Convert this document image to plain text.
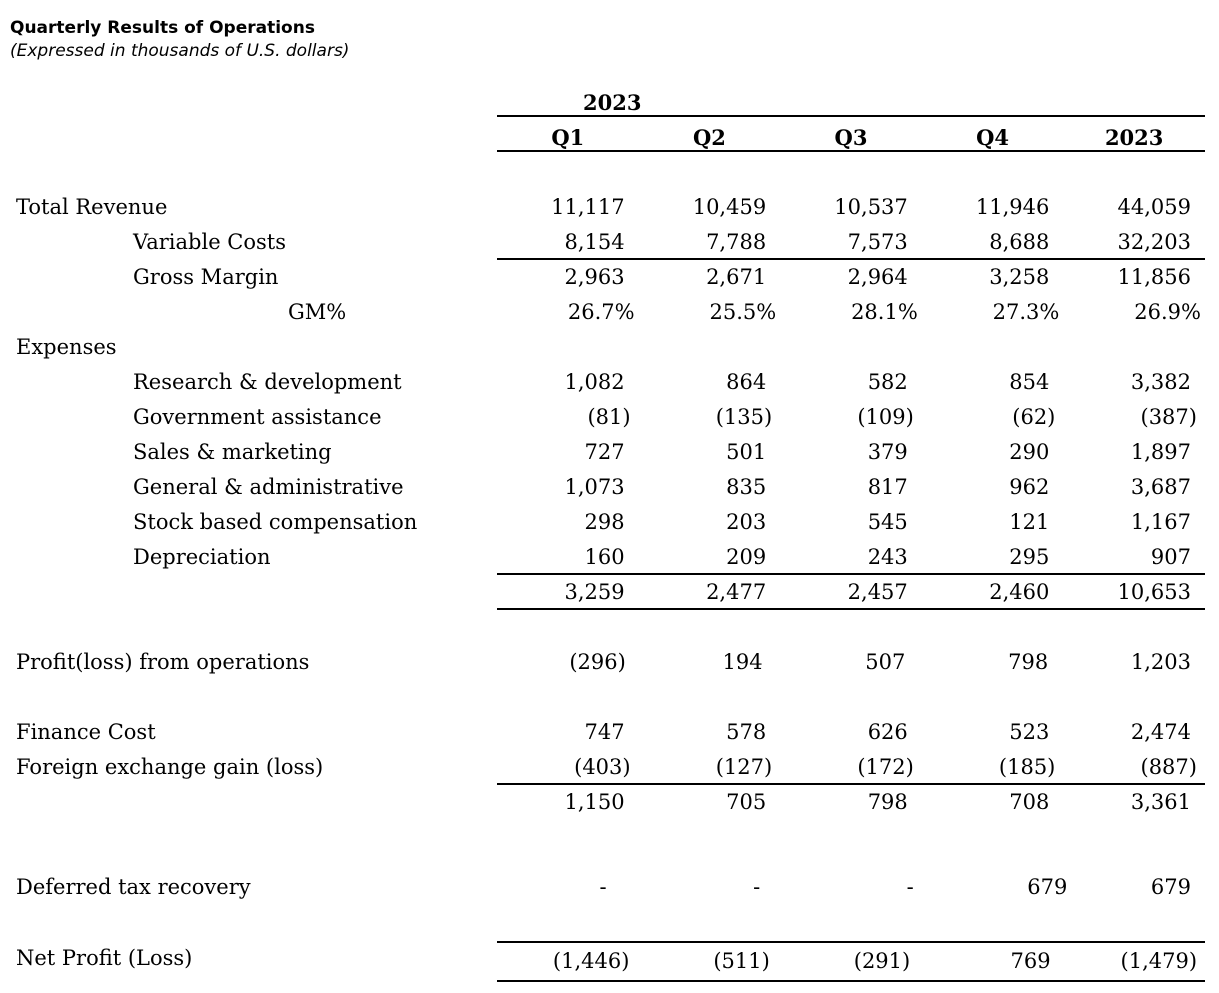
Quarterly Results of Operations
(Expressed in thousands of U.S. dollars)
2023
Q1	Q2	Q3	Q4	2023
Total Revenue	11,117	10,459	10,537	11,946	44,059
Variable Costs	8,154	7,788	7,573	8,688	32,203
Gross Margin	2,963	2,671	2,964	3,258	11,856
GM%	26.7%	25.5%	28.1%	27.3%	26.9%
Expenses
Research & development	1,082	864	582	854	3,382
Government assistance	(81)	(135)	(109)	(62)	(387)
Sales & marketing	727	501	379	290	1,897
General & administrative	1,073	835	817	962	3,687
Stock based compensation	298	203	545	121	1,167
Depreciation	160	209	243	295	907
3,259	2,477	2,457	2,460	10,653
Profit(loss) from operations	(296)	194	507	798	1,203
Finance Cost	747	578	626	523	2,474
Foreign exchange gain (loss)	(403)	(127)	(172)	(185)	(887)
1,150	705	798	708	3,361
Deferred tax recovery	-	-	-	679	679
Net Profit (Loss)	(1,446)	(511)	(291)	769	(1,479)
